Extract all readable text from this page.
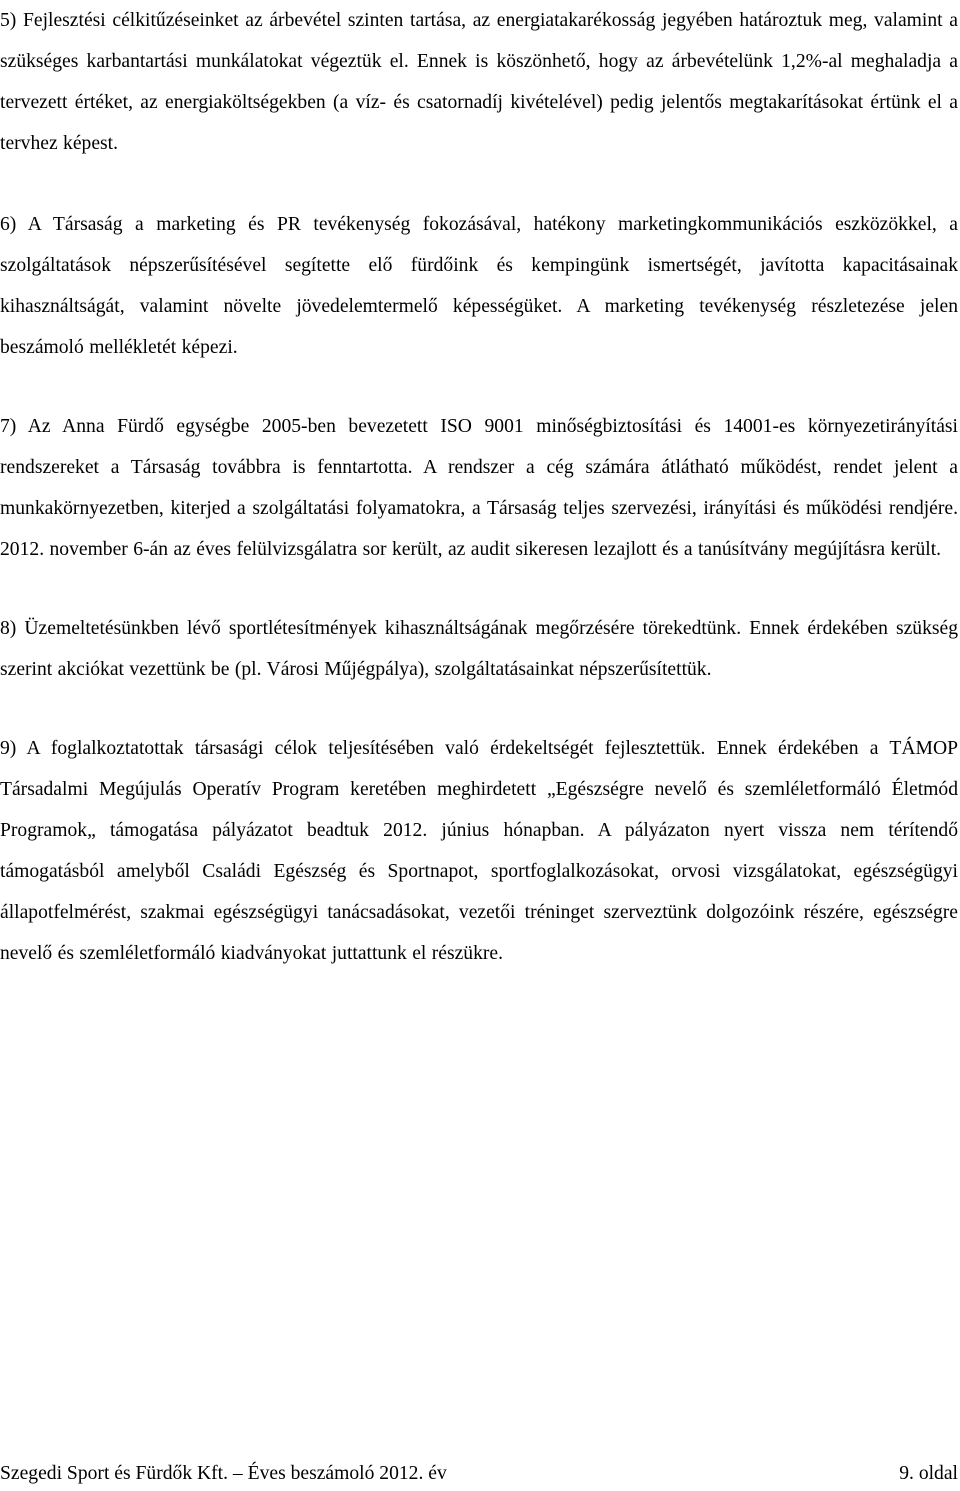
5) Fejlesztési célkitűzéseinket az árbevétel szinten tartása, az energiatakarékosság jegyében határoztuk meg, valamint a szükséges karbantartási munkálatokat végeztük el. Ennek is köszönhető, hogy az árbevételünk 1,2%-al meghaladja a tervezett értéket, az energiaköltségekben (a víz- és csatornadíj kivételével) pedig jelentős megtakarításokat értünk el a tervhez képest.

6) A Társaság a marketing és PR tevékenység fokozásával, hatékony marketingkommunikációs eszközökkel, a szolgáltatások népszerűsítésével segítette elő fürdőink és kempingünk ismertségét, javította kapacitásainak kihasználtságát, valamint növelte jövedelemtermelő képességüket. A marketing tevékenység részletezése jelen beszámoló mellékletét képezi.

7) Az Anna Fürdő egységbe 2005-ben bevezetett ISO 9001 minőségbiztosítási és 14001-es környezetirányítási rendszereket a Társaság továbbra is fenntartotta. A rendszer a cég számára átlátható működést, rendet jelent a munkakörnyezetben, kiterjed a szolgáltatási folyamatokra, a Társaság teljes szervezési, irányítási és működési rendjére. 2012. november 6-án az éves felülvizsgálatra sor került, az audit sikeresen lezajlott és a tanúsítvány megújításra került.

8) Üzemeltetésünkben lévő sportlétesítmények kihasználtságának megőrzésére törekedtünk. Ennek érdekében szükség szerint akciókat vezettünk be (pl. Városi Műjégpálya), szolgáltatásainkat népszerűsítettük.

9) A foglalkoztatottak társasági célok teljesítésében való érdekeltségét fejlesztettük. Ennek érdekében a TÁMOP Társadalmi Megújulás Operatív Program keretében meghirdetett „Egészségre nevelő és szemléletformáló Életmód Programok„ támogatása pályázatot beadtuk 2012. június hónapban. A pályázaton nyert vissza nem térítendő támogatásból amelyből Családi Egészség és Sportnapot, sportfoglalkozásokat, orvosi vizsgálatokat, egészségügyi állapotfelmérést, szakmai egészségügyi tanácsadásokat, vezetői tréninget szerveztünk dolgozóink részére, egészségre nevelő és szemléletformáló kiadványokat juttattunk el részükre.

Szegedi Sport és Fürdők Kft. – Éves beszámoló 2012. év	9. oldal
